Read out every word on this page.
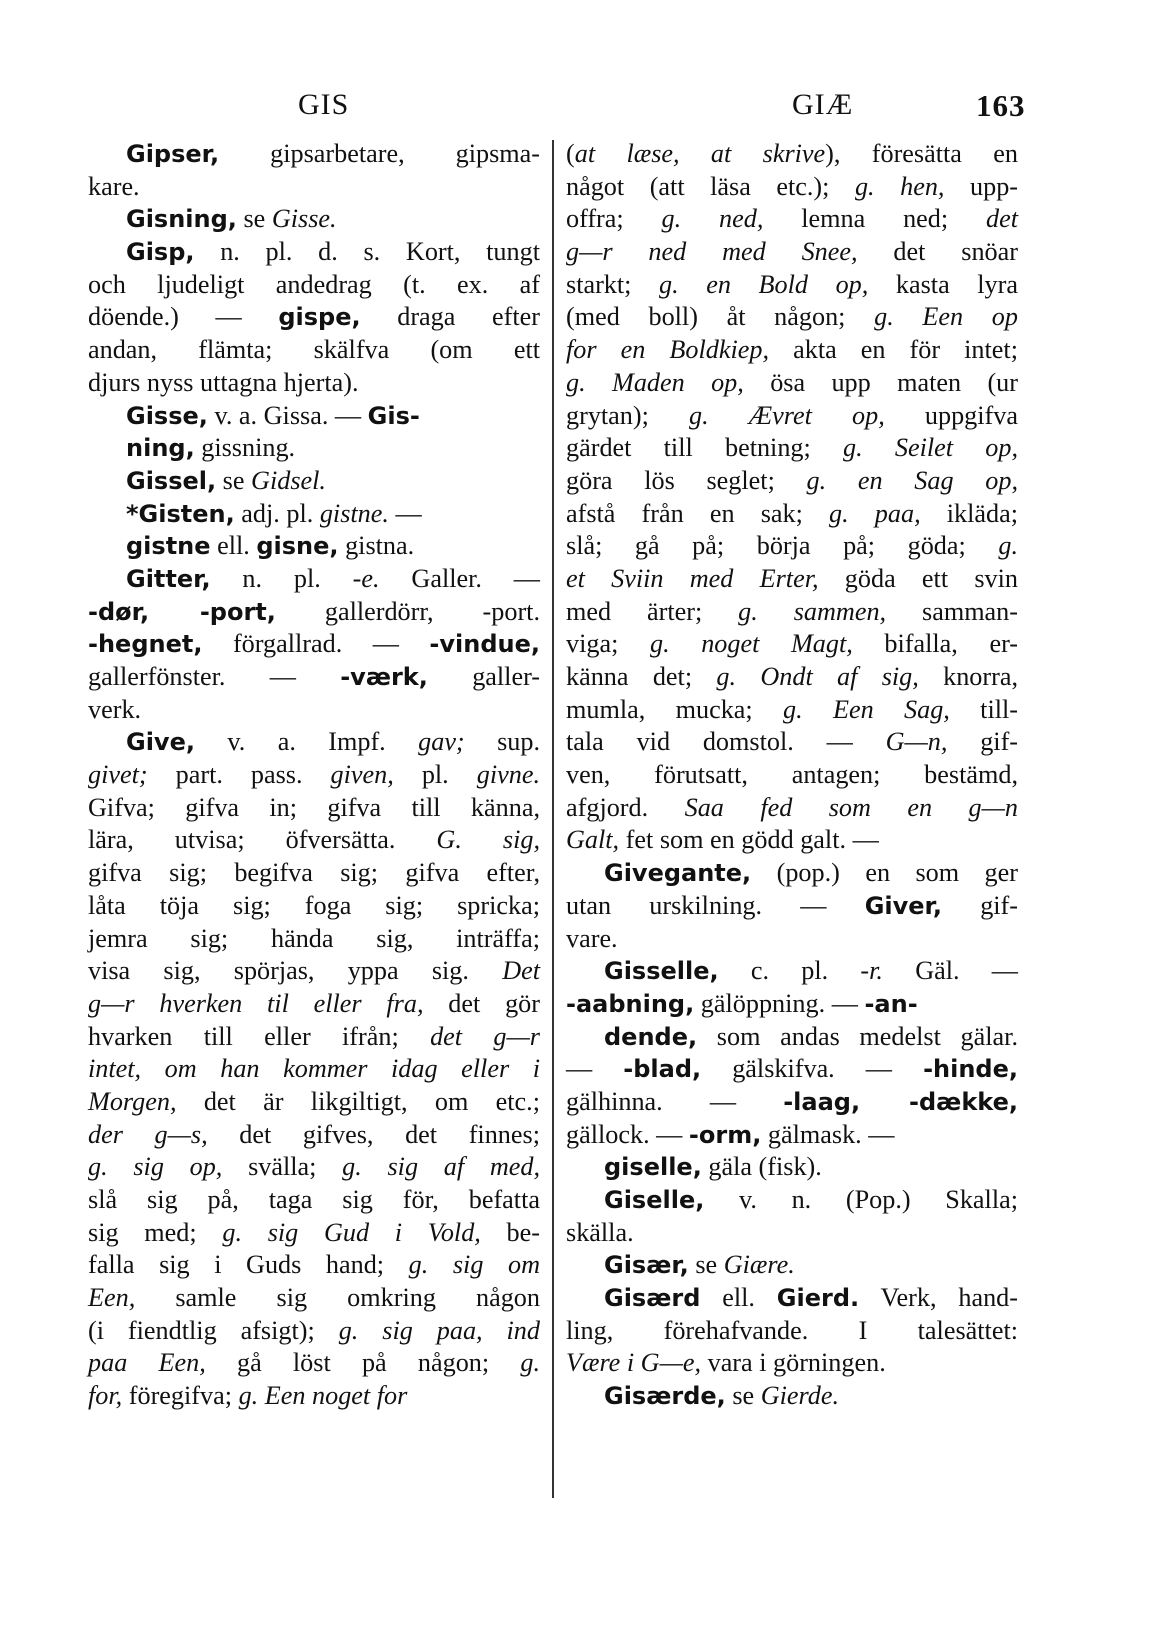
GIS	GIÆ	163
Gipser, gipsarbetare, gipsma-
kare.
Gisning, se Gisse.
Gisp, n. pl. d. s. Kort, tungt
och ljudeligt andedrag (t. ex. af
döende.) — gispe, draga efter
andan, flämta; skälfva (om ett
djurs nyss uttagna hjerta).
Gisse, v. a. Gissa. — Gis-
ning, gissning.
Gissel, se Gidsel.
*Gisten, adj. pl. gistne. —
gistne ell. gisne, gistna.
Gitter, n. pl. -e. Galler. —
-dør, -port, gallerdörr, -port.
-hegnet, förgallrad. — -vindue,
gallerfönster. — -værk, galler-
verk.
Give, v. a. Impf. gav; sup.
givet; part. pass. given, pl. givne.
Gifva; gifva in; gifva till känna,
lära, utvisa; öfversätta. G. sig,
gifva sig; begifva sig; gifva efter,
låta töja sig; foga sig; spricka;
jemra sig; hända sig, inträffa;
visa sig, spörjas, yppa sig. Det
g—r hverken til eller fra, det gör
hvarken till eller ifrån; det g—r
intet, om han kommer idag eller i
Morgen, det är likgiltigt, om etc.;
der g—s, det gifves, det finnes;
g. sig op, svälla; g. sig af med,
slå sig på, taga sig för, befatta
sig med; g. sig Gud i Vold, be-
falla sig i Guds hand; g. sig om
Een, samle sig omkring någon
(i fiendtlig afsigt); g. sig paa, ind
paa Een, gå löst på någon; g.
for, föregifva; g. Een noget for
(at læse, at skrive), föresätta en
något (att läsa etc.); g. hen, upp-
offra; g. ned, lemna ned; det
g—r ned med Snee, det snöar
starkt; g. en Bold op, kasta lyra
(med boll) åt någon; g. Een op
for en Boldkiep, akta en för intet;
g. Maden op, ösa upp maten (ur
grytan); g. Ævret op, uppgifva
gärdet till betning; g. Seilet op,
göra lös seglet; g. en Sag op,
afstå från en sak; g. paa, ikläda;
slå; gå på; börja på; göda; g.
et Sviin med Erter, göda ett svin
med ärter; g. sammen, samman-
viga; g. noget Magt, bifalla, er-
känna det; g. Ondt af sig, knorra,
mumla, mucka; g. Een Sag, till-
tala vid domstol. — G—n, gif-
ven, förutsatt, antagen; bestämd,
afgjord. Saa fed som en g—n
Galt, fet som en gödd galt. —
Givegante, (pop.) en som ger
utan urskilning. — Giver, gif-
vare.
Gisselle, c. pl. -r. Gäl. —
-aabning, gälöppning. — -an-
dende, som andas medelst gälar.
— -blad, gälskifva. — -hinde,
gälhinna. — -laag, -dække,
gällock. — -orm, gälmask. —
giselle, gäla (fisk).
Giselle, v. n. (Pop.) Skalla;
skälla.
Gisær, se Giære.
Gisærd ell. Gierd. Verk, hand-
ling, förehafvande. I talesättet:
Være i G—e, vara i görningen.
Gisærde, se Gierde.
